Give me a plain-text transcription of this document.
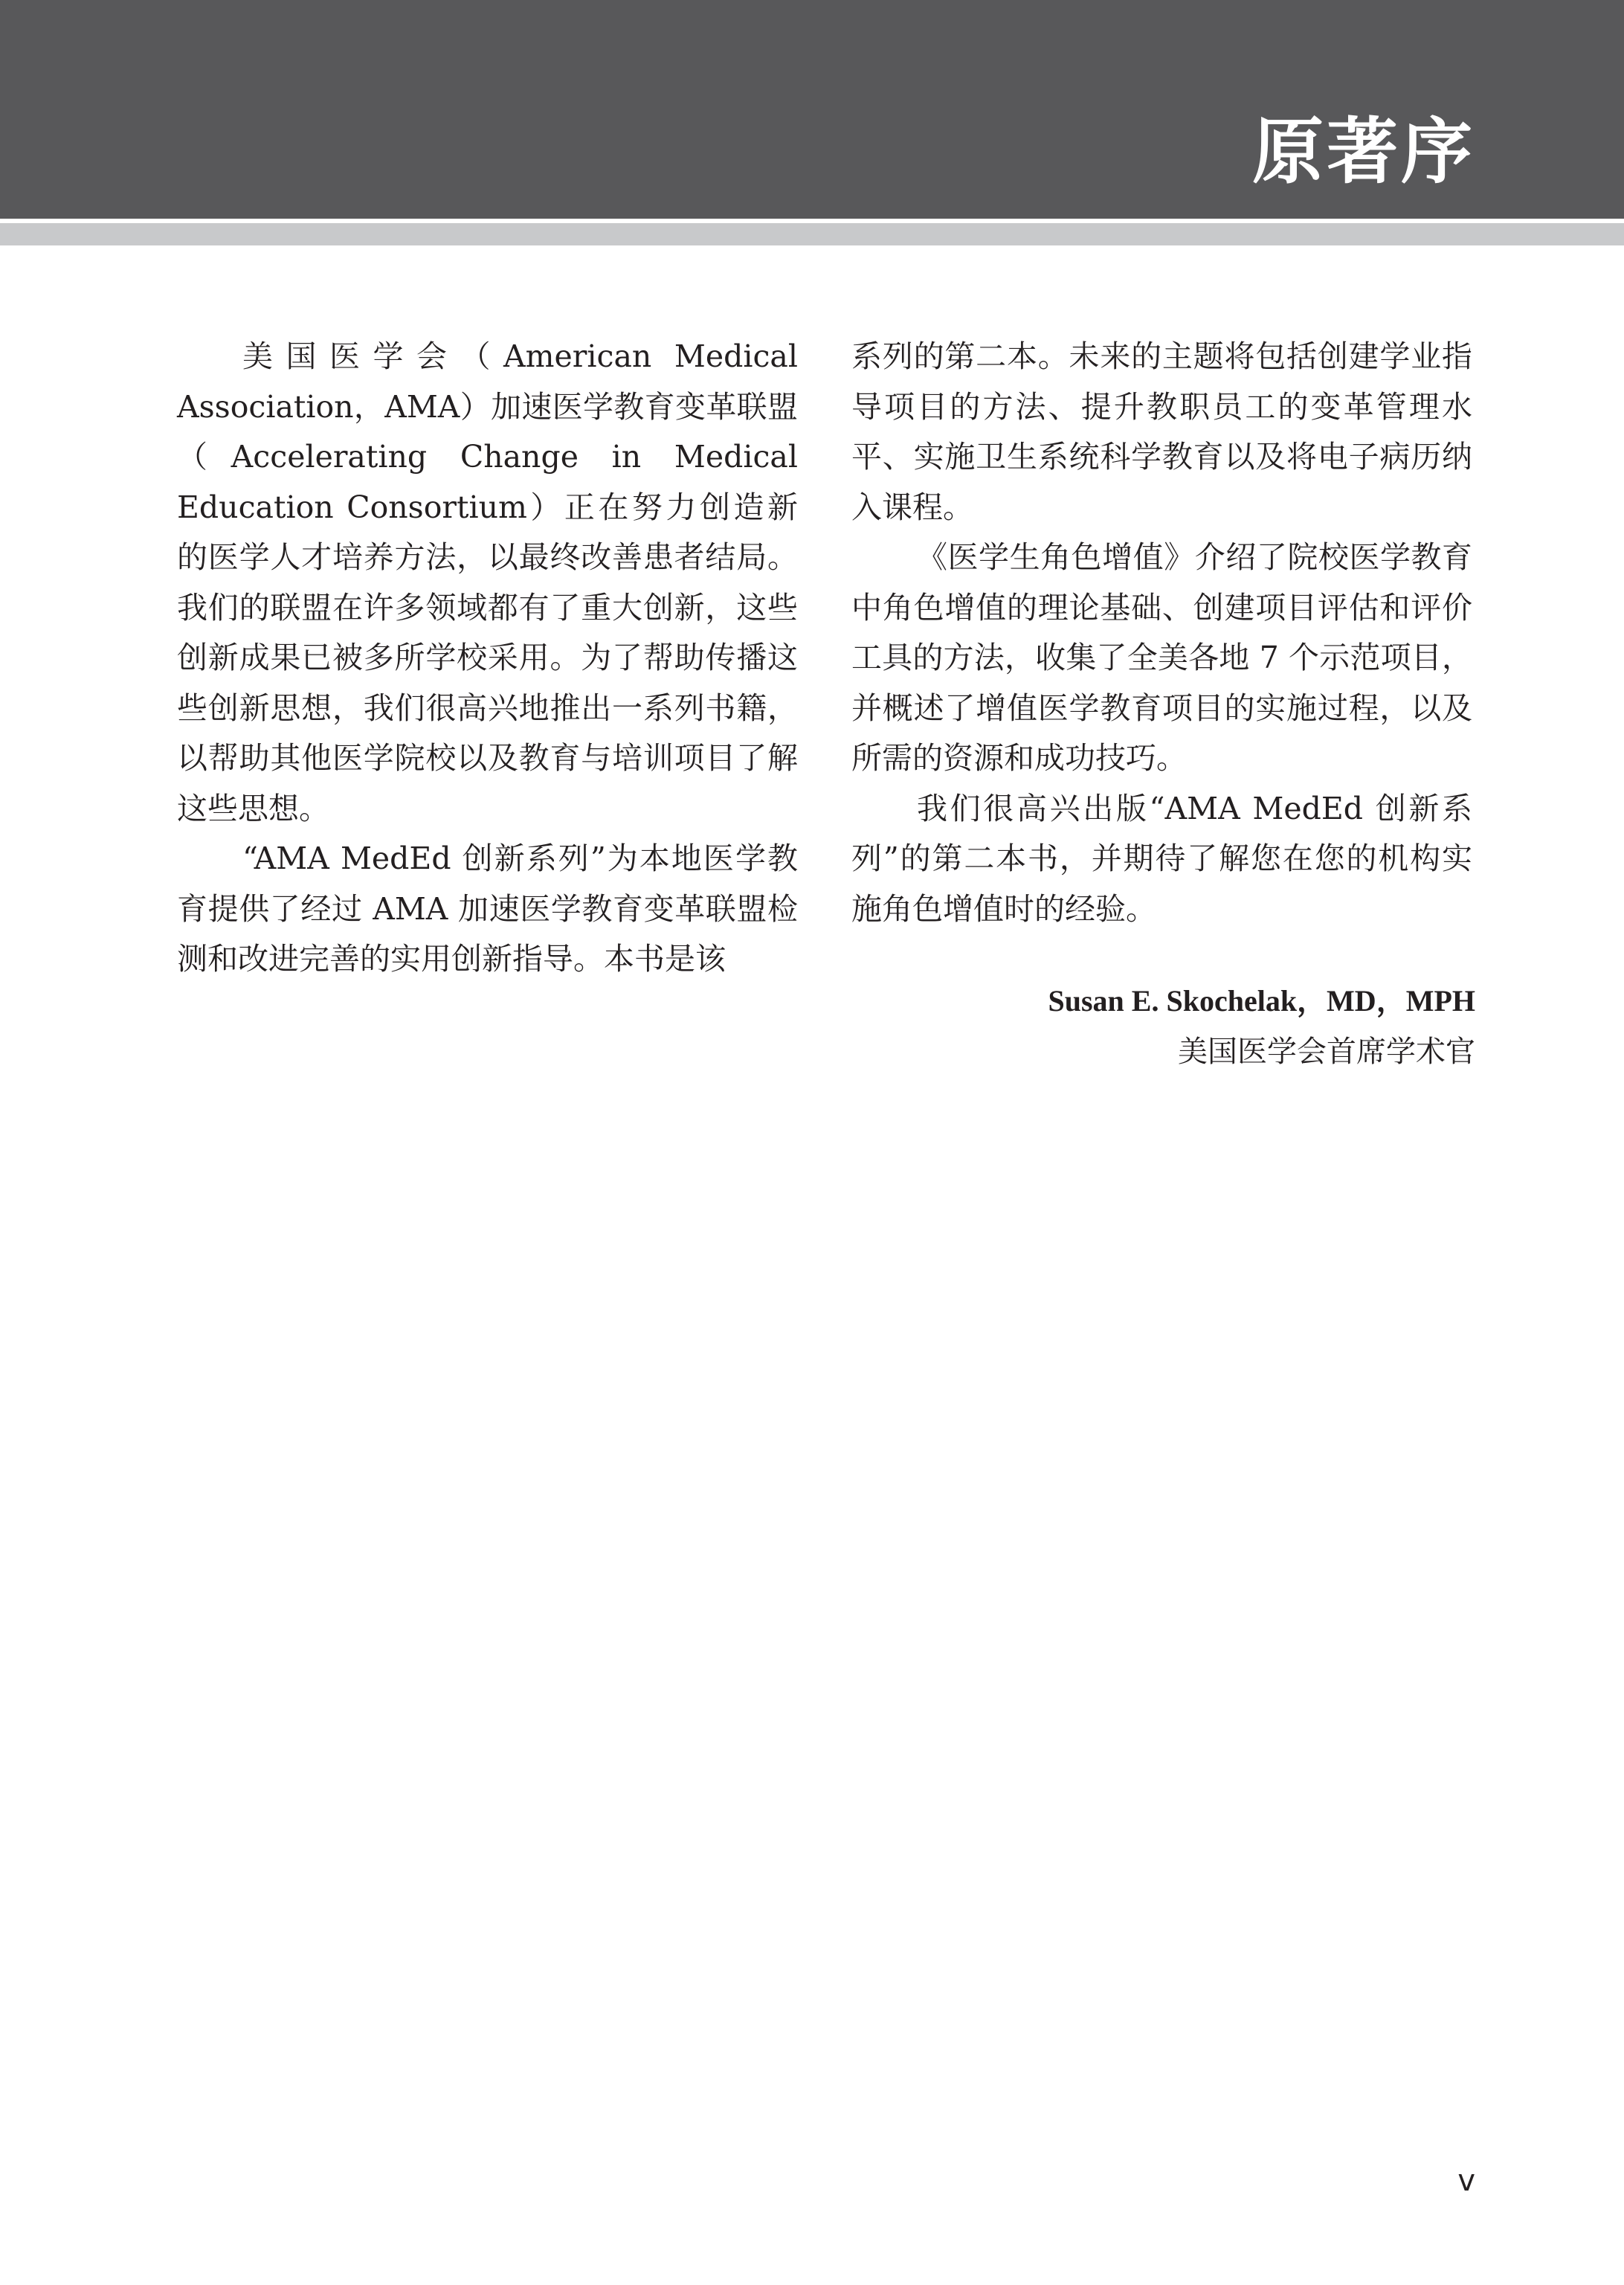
原著序

美国医学会（American Medical Association，AMA）加速医学教育变革联盟（Accelerating Change in Medical Education Consortium）正在努力创造新的医学人才培养方法，以最终改善患者结局。我们的联盟在许多领域都有了重大创新，这些创新成果已被多所学校采用。为了帮助传播这些创新思想，我们很高兴地推出一系列书籍，以帮助其他医学院校以及教育与培训项目了解这些思想。

“AMA MedEd 创新系列”为本地医学教育提供了经过 AMA 加速医学教育变革联盟检测和改进完善的实用创新指导。本书是该

系列的第二本。未来的主题将包括创建学业指导项目的方法、提升教职员工的变革管理水平、实施卫生系统科学教育以及将电子病历纳入课程。

《医学生角色增值》介绍了院校医学教育中角色增值的理论基础、创建项目评估和评价工具的方法，收集了全美各地 7 个示范项目，并概述了增值医学教育项目的实施过程，以及所需的资源和成功技巧。

我们很高兴出版“AMA MedEd 创新系列”的第二本书，并期待了解您在您的机构实施角色增值时的经验。

Susan E. Skochelak，MD，MPH
美国医学会首席学术官
v
